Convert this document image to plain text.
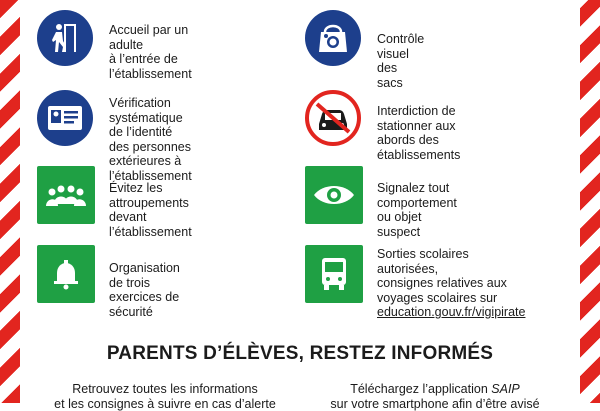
Accueil par un adulte
à l’entrée de l’établissement
Contrôle visuel des sacs
Vérification systématique
de l’identité des personnes
extérieures à l’établissement
Interdiction de stationner aux
abords des établissements
Évitez les attroupements
devant l’établissement
Signalez tout comportement
ou objet suspect
Organisation de trois
exercices de sécurité
Sorties scolaires autorisées,
consignes relatives aux
voyages scolaires sur
education.gouv.fr/vigipirate
PARENTS D’ÉLÈVES, RESTEZ INFORMÉS
Retrouvez toutes les informations
et les consignes à suivre en cas d’alerte
Téléchargez l’application SAIP
sur votre smartphone afin d’être avisé
